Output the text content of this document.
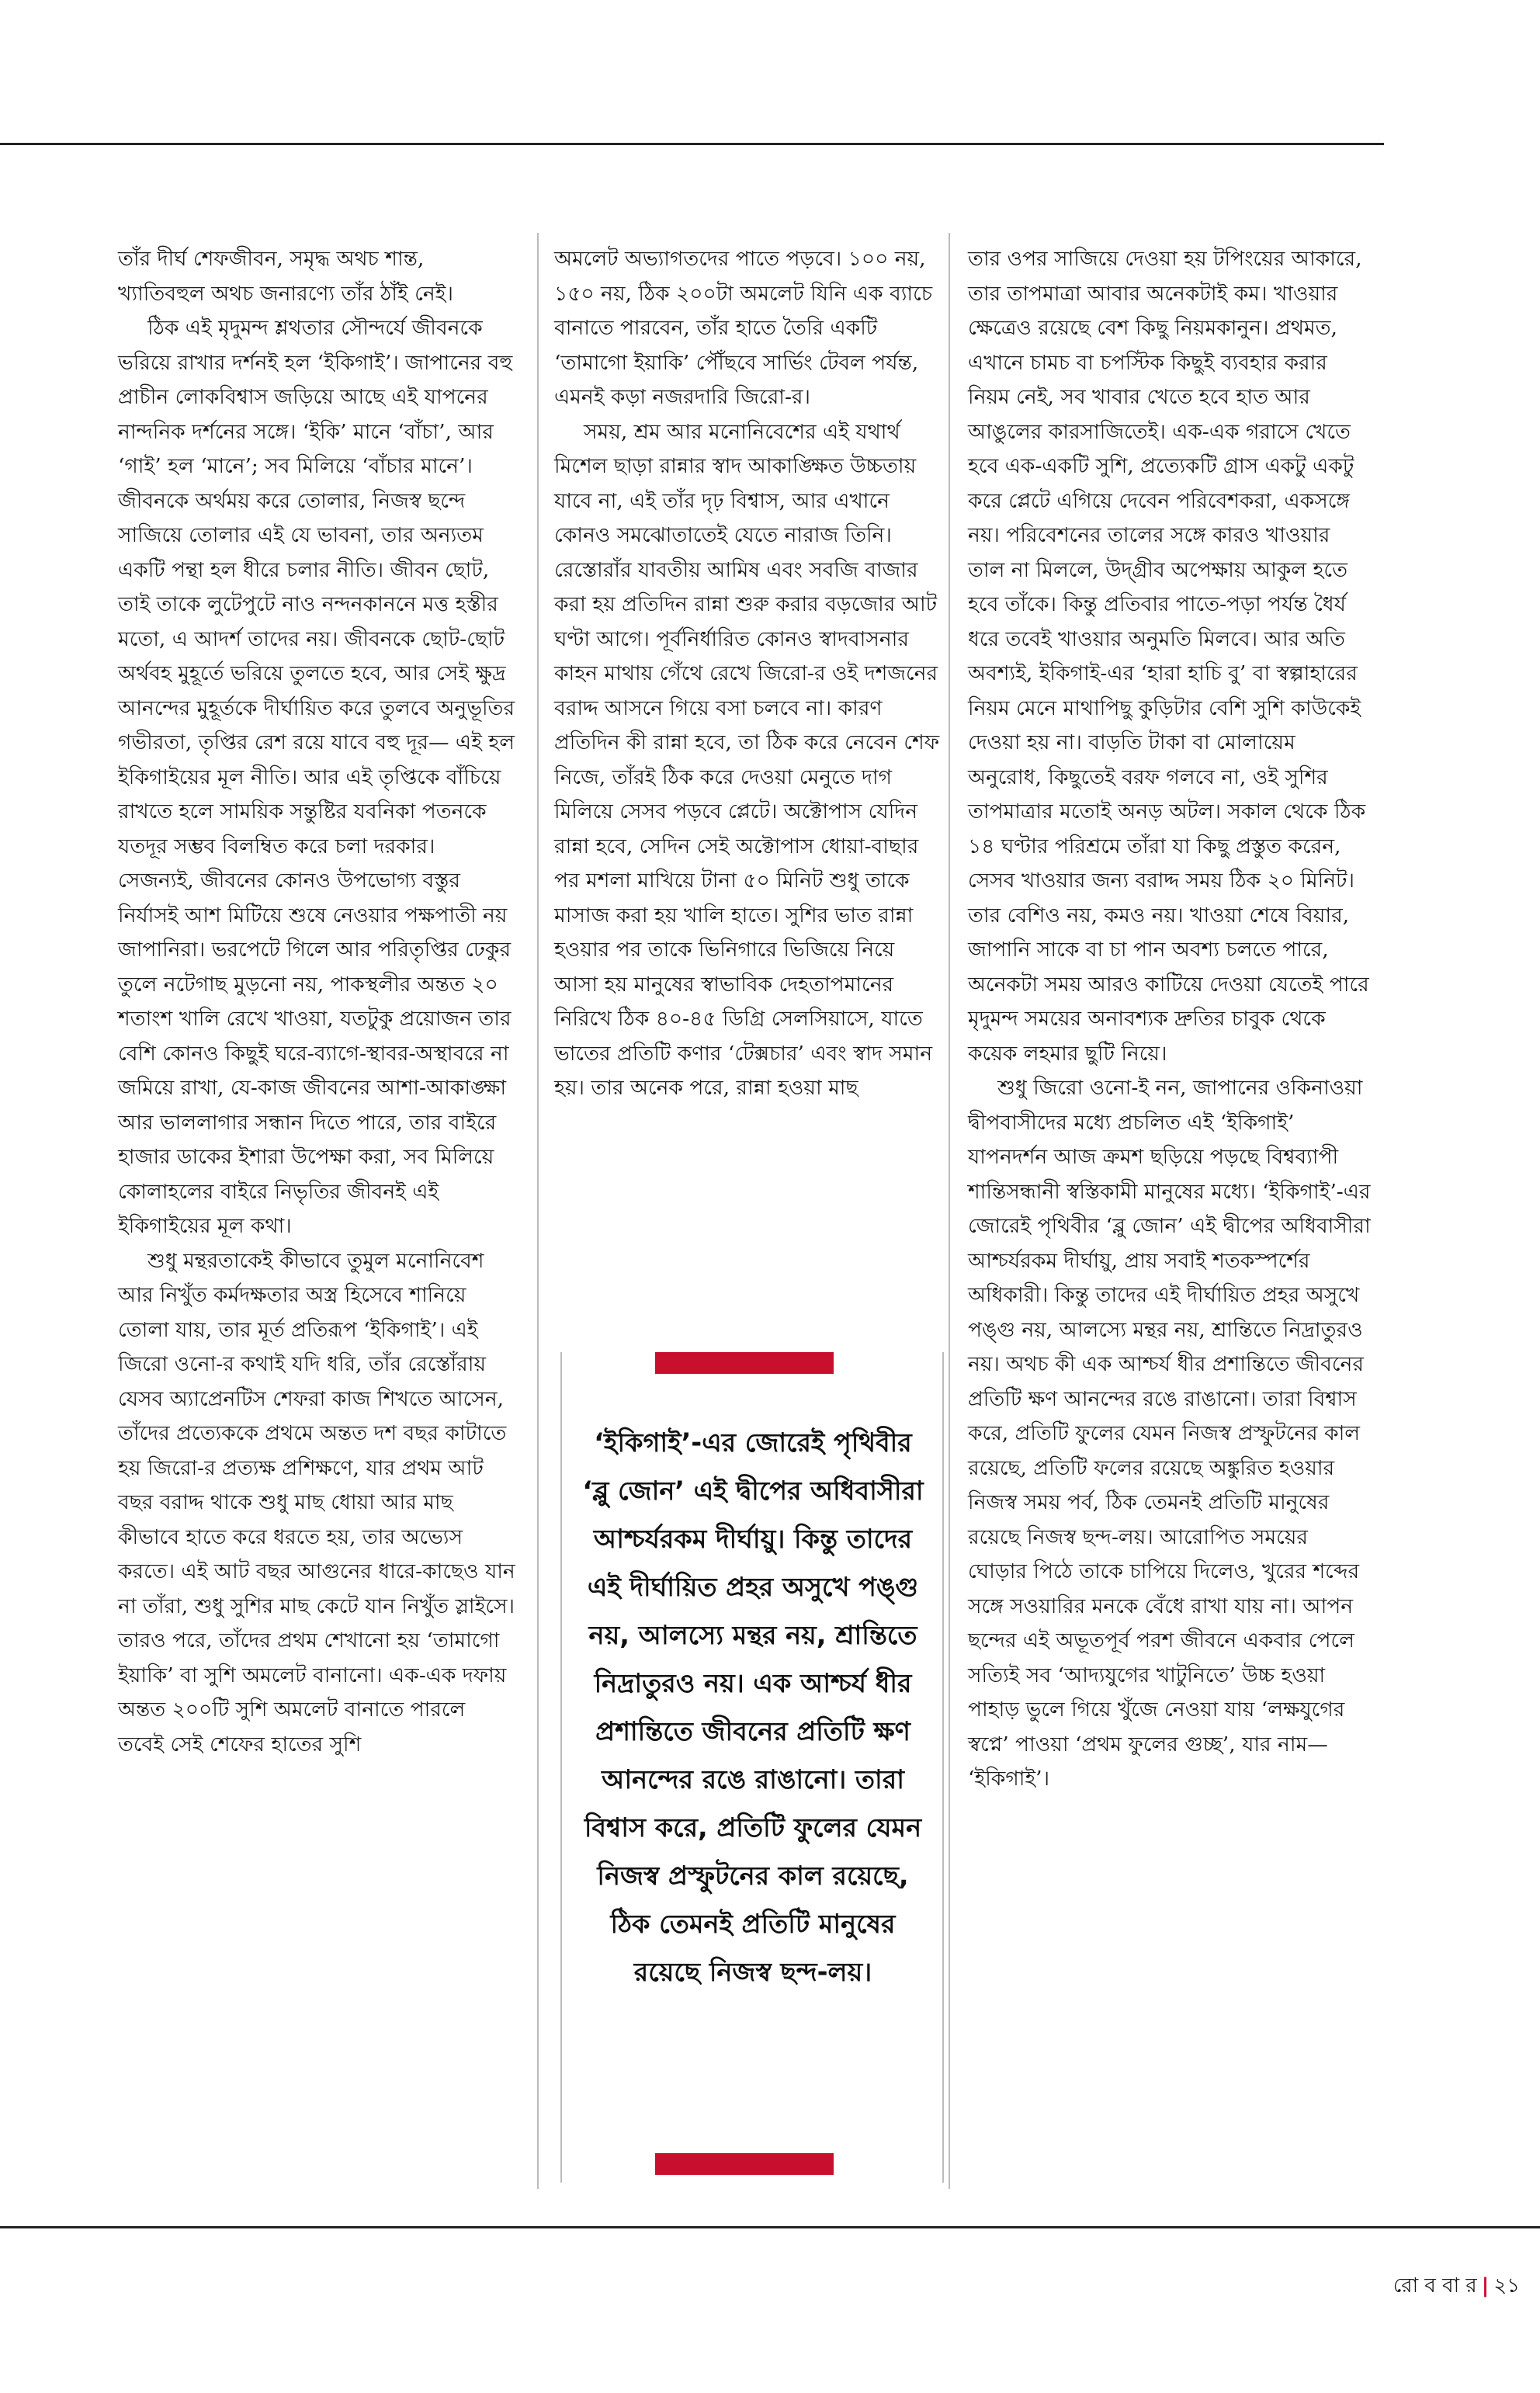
তাঁর দীর্ঘ শেফজীবন, সমৃদ্ধ অথচ শান্ত, খ্যাতিবহুল অথচ জনারণ্যে তাঁর ঠাঁই নেই।

ঠিক এই মৃদুমন্দ শ্লথতার সৌন্দর্যে জীবনকে ভরিয়ে রাখার দর্শনই হল ‘ইকিগাই’। জাপানের বহু প্রাচীন লোকবিশ্বাস জড়িয়ে আছে এই যাপনের নান্দনিক দর্শনের সঙ্গে। ‘ইকি’ মানে ‘বাঁচা’, আর ‘গাই’ হল ‘মানে’; সব মিলিয়ে ‘বাঁচার মানে’। জীবনকে অর্থময় করে তোলার, নিজস্ব ছন্দে সাজিয়ে তোলার এই যে ভাবনা, তার অন্যতম একটি পন্থা হল ধীরে চলার নীতি। জীবন ছোট, তাই তাকে লুটেপুটে নাও নন্দনকাননে মত্ত হস্তীর মতো, এ আদর্শ তাদের নয়। জীবনকে ছোট-ছোট অর্থবহ মুহূর্তে ভরিয়ে তুলতে হবে, আর সেই ক্ষুদ্র আনন্দের মুহূর্তকে দীর্ঘায়িত করে তুলবে অনুভূতির গভীরতা, তৃপ্তির রেশ রয়ে যাবে বহু দূর— এই হল ইকিগাইয়ের মূল নীতি। আর এই তৃপ্তিকে বাঁচিয়ে রাখতে হলে সাময়িক সন্তুষ্টির যবনিকা পতনকে যতদূর সম্ভব বিলম্বিত করে চলা দরকার। সেজন্যই, জীবনের কোনও উপভোগ্য বস্তুর নির্যাসই আশ মিটিয়ে শুষে নেওয়ার পক্ষপাতী নয় জাপানিরা। ভরপেটে গিলে আর পরিতৃপ্তির ঢেকুর তুলে নটেগাছ মুড়নো নয়, পাকস্থলীর অন্তত ২০ শতাংশ খালি রেখে খাওয়া, যতটুকু প্রয়োজন তার বেশি কোনও কিছুই ঘরে-ব্যাগে-স্থাবর-অস্থাবরে না জমিয়ে রাখা, যে-কাজ জীবনের আশা-আকাঙ্ক্ষা আর ভাললাগার সন্ধান দিতে পারে, তার বাইরে হাজার ডাকের ইশারা উপেক্ষা করা, সব মিলিয়ে কোলাহলের বাইরে নিভৃতির জীবনই এই ইকিগাইয়ের মূল কথা।

শুধু মন্থরতাকেই কীভাবে তুমুল মনোনিবেশ আর নিখুঁত কর্মদক্ষতার অস্ত্র হিসেবে শানিয়ে তোলা যায়, তার মূর্ত প্রতিরূপ ‘ইকিগাই’। এই জিরো ওনো-র কথাই যদি ধরি, তাঁর রেস্তোঁরায় যেসব অ্যাপ্রেনটিস শেফরা কাজ শিখতে আসেন, তাঁদের প্রত্যেককে প্রথমে অন্তত দশ বছর কাটাতে হয় জিরো-র প্রত্যক্ষ প্রশিক্ষণে, যার প্রথম আট বছর বরাদ্দ থাকে শুধু মাছ ধোয়া আর মাছ কীভাবে হাতে করে ধরতে হয়, তার অভ্যেস করতে। এই আট বছর আগুনের ধারে-কাছেও যান না তাঁরা, শুধু সুশির মাছ কেটে যান নিখুঁত স্লাইসে। তারও পরে, তাঁদের প্রথম শেখানো হয় ‘তামাগো ইয়াকি’ বা সুশি অমলেট বানানো। এক-এক দফায় অন্তত ২০০টি সুশি অমলেট বানাতে পারলে তবেই সেই শেফের হাতের সুশি

অমলেট অভ্যাগতদের পাতে পড়বে। ১০০ নয়, ১৫০ নয়, ঠিক ২০০টা অমলেট যিনি এক ব্যাচে বানাতে পারবেন, তাঁর হাতে তৈরি একটি ‘তামাগো ইয়াকি’ পৌঁছবে সার্ভিং টেবল পর্যন্ত, এমনই কড়া নজরদারি জিরো-র।

সময়, শ্রম আর মনোনিবেশের এই যথার্থ মিশেল ছাড়া রান্নার স্বাদ আকাঙ্ক্ষিত উচ্চতায় যাবে না, এই তাঁর দৃঢ় বিশ্বাস, আর এখানে কোনও সমঝোতাতেই যেতে নারাজ তিনি। রেস্তোরাঁর যাবতীয় আমিষ এবং সবজি বাজার করা হয় প্রতিদিন রান্না শুরু করার বড়জোর আট ঘণ্টা আগে। পূর্বনির্ধারিত কোনও স্বাদবাসনার কাহন মাথায় গেঁথে রেখে জিরো-র ওই দশজনের বরাদ্দ আসনে গিয়ে বসা চলবে না। কারণ প্রতিদিন কী রান্না হবে, তা ঠিক করে নেবেন শেফ নিজে, তাঁরই ঠিক করে দেওয়া মেনুতে দাগ মিলিয়ে সেসব পড়বে প্লেটে। অক্টোপাস যেদিন রান্না হবে, সেদিন সেই অক্টোপাস ধোয়া-বাছার পর মশলা মাখিয়ে টানা ৫০ মিনিট শুধু তাকে মাসাজ করা হয় খালি হাতে। সুশির ভাত রান্না হওয়ার পর তাকে ভিনিগারে ভিজিয়ে নিয়ে আসা হয় মানুষের স্বাভাবিক দেহতাপমানের নিরিখে ঠিক ৪০-৪৫ ডিগ্রি সেলসিয়াসে, যাতে ভাতের প্রতিটি কণার ‘টেক্সচার’ এবং স্বাদ সমান হয়। তার অনেক পরে, রান্না হওয়া মাছ

‘ইকিগাই’-এর জোরেই পৃথিবীর ‘ব্লু জোন’ এই দ্বীপের অধিবাসীরা আশ্চর্যরকম দীর্ঘায়ু। কিন্তু তাদের এই দীর্ঘায়িত প্রহর অসুখে পঙ্গু নয়, আলস্যে মন্থর নয়, শ্রান্তিতে নিদ্রাতুরও নয়। এক আশ্চর্য ধীর প্রশান্তিতে জীবনের প্রতিটি ক্ষণ আনন্দের রঙে রাঙানো। তারা বিশ্বাস করে, প্রতিটি ফুলের যেমন নিজস্ব প্রস্ফুটনের কাল রয়েছে, ঠিক তেমনই প্রতিটি মানুষের রয়েছে নিজস্ব ছন্দ-লয়।

তার ওপর সাজিয়ে দেওয়া হয় টপিংয়ের আকারে, তার তাপমাত্রা আবার অনেকটাই কম। খাওয়ার ক্ষেত্রেও রয়েছে বেশ কিছু নিয়মকানুন। প্রথমত, এখানে চামচ বা চপস্টিক কিছুই ব্যবহার করার নিয়ম নেই, সব খাবার খেতে হবে হাত আর আঙুলের কারসাজিতেই। এক-এক গরাসে খেতে হবে এক-একটি সুশি, প্রত্যেকটি গ্রাস একটু একটু করে প্লেটে এগিয়ে দেবেন পরিবেশকরা, একসঙ্গে নয়। পরিবেশনের তালের সঙ্গে কারও খাওয়ার তাল না মিললে, উদ্গ্রীব অপেক্ষায় আকুল হতে হবে তাঁকে। কিন্তু প্রতিবার পাতে-পড়া পর্যন্ত ধৈর্য ধরে তবেই খাওয়ার অনুমতি মিলবে। আর অতি অবশ্যই, ইকিগাই-এর ‘হারা হাচি বু’ বা স্বল্পাহারের নিয়ম মেনে মাথাপিছু কুড়িটার বেশি সুশি কাউকেই দেওয়া হয় না। বাড়তি টাকা বা মোলায়েম অনুরোধ, কিছুতেই বরফ গলবে না, ওই সুশির তাপমাত্রার মতোই অনড় অটল। সকাল থেকে ঠিক ১৪ ঘণ্টার পরিশ্রমে তাঁরা যা কিছু প্রস্তুত করেন, সেসব খাওয়ার জন্য বরাদ্দ সময় ঠিক ২০ মিনিট। তার বেশিও নয়, কমও নয়। খাওয়া শেষে বিয়ার, জাপানি সাকে বা চা পান অবশ্য চলতে পারে, অনেকটা সময় আরও কাটিয়ে দেওয়া যেতেই পারে মৃদুমন্দ সময়ের অনাবশ্যক দ্রুতির চাবুক থেকে কয়েক লহমার ছুটি নিয়ে।

শুধু জিরো ওনো-ই নন, জাপানের ওকিনাওয়া দ্বীপবাসীদের মধ্যে প্রচলিত এই ‘ইকিগাই’ যাপনদর্শন আজ ক্রমশ ছড়িয়ে পড়ছে বিশ্বব্যাপী শান্তিসন্ধানী স্বস্তিকামী মানুষের মধ্যে। ‘ইকিগাই’-এর জোরেই পৃথিবীর ‘ব্লু জোন’ এই দ্বীপের অধিবাসীরা আশ্চর্যরকম দীর্ঘায়ু, প্রায় সবাই শতকস্পর্শের অধিকারী। কিন্তু তাদের এই দীর্ঘায়িত প্রহর অসুখে পঙ্গু নয়, আলস্যে মন্থর নয়, শ্রান্তিতে নিদ্রাতুরও নয়। অথচ কী এক আশ্চর্য ধীর প্রশান্তিতে জীবনের প্রতিটি ক্ষণ আনন্দের রঙে রাঙানো। তারা বিশ্বাস করে, প্রতিটি ফুলের যেমন নিজস্ব প্রস্ফুটনের কাল রয়েছে, প্রতিটি ফলের রয়েছে অঙ্কুরিত হওয়ার নিজস্ব সময় পর্ব, ঠিক তেমনই প্রতিটি মানুষের রয়েছে নিজস্ব ছন্দ-লয়। আরোপিত সময়ের ঘোড়ার পিঠে তাকে চাপিয়ে দিলেও, খুরের শব্দের সঙ্গে সওয়ারির মনকে বেঁধে রাখা যায় না। আপন ছন্দের এই অভূতপূর্ব পরশ জীবনে একবার পেলে সত্যিই সব ‘আদ্যযুগের খাটুনিতে’ উচ্চ হওয়া পাহাড় ভুলে গিয়ে খুঁজে নেওয়া যায় ‘লক্ষযুগের স্বপ্নে’ পাওয়া ‘প্রথম ফুলের গুচ্ছ’, যার নাম— ‘ইকিগাই’।

রো ব বা র | ২১
